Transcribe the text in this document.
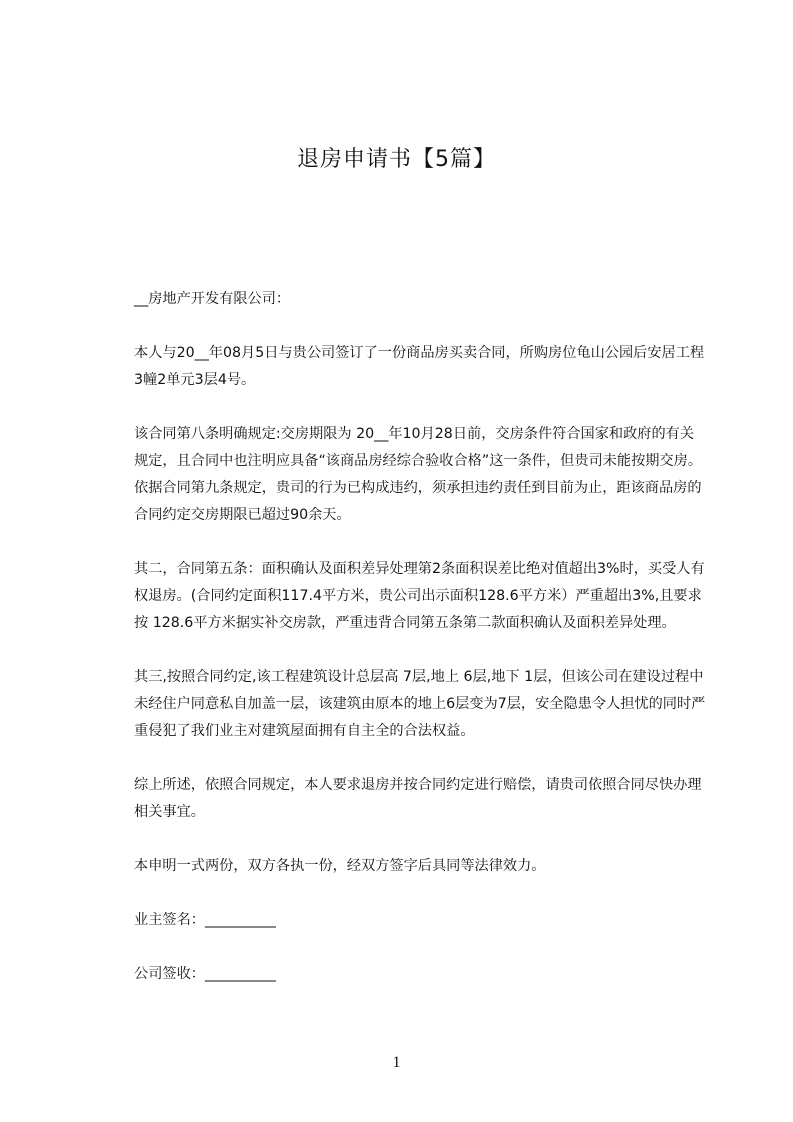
退房申请书【5篇】

__房地产开发有限公司：

本人与20__年08月5日与贵公司签订了一份商品房买卖合同，所购房位龟山公园后安居工程3幢2单元3层4号。

该合同第八条明确规定:交房期限为 20__年10月28日前，交房条件符合国家和政府的有关规定，且合同中也注明应具备“该商品房经综合验收合格”这一条件，但贵司未能按期交房。依据合同第九条规定，贵司的行为已构成违约，须承担违约责任到目前为止，距该商品房的合同约定交房期限已超过90余天。

其二，合同第五条：面积确认及面积差异处理第2条面积误差比绝对值超出3%时，买受人有权退房。(合同约定面积117.4平方米，贵公司出示面积128.6平方米）严重超出3%,且要求按 128.6平方米据实补交房款，严重违背合同第五条第二款面积确认及面积差异处理。

其三,按照合同约定,该工程建筑设计总层高 7层,地上 6层,地下 1层，但该公司在建设过程中未经住户同意私自加盖一层，该建筑由原本的地上6层变为7层，安全隐患令人担忧的同时严重侵犯了我们业主对建筑屋面拥有自主全的合法权益。

综上所述，依照合同规定，本人要求退房并按合同约定进行赔偿，请贵司依照合同尽快办理相关事宜。

本申明一式两份，双方各执一份，经双方签字后具同等法律效力。

业主签名：__________

公司签收：__________

1
